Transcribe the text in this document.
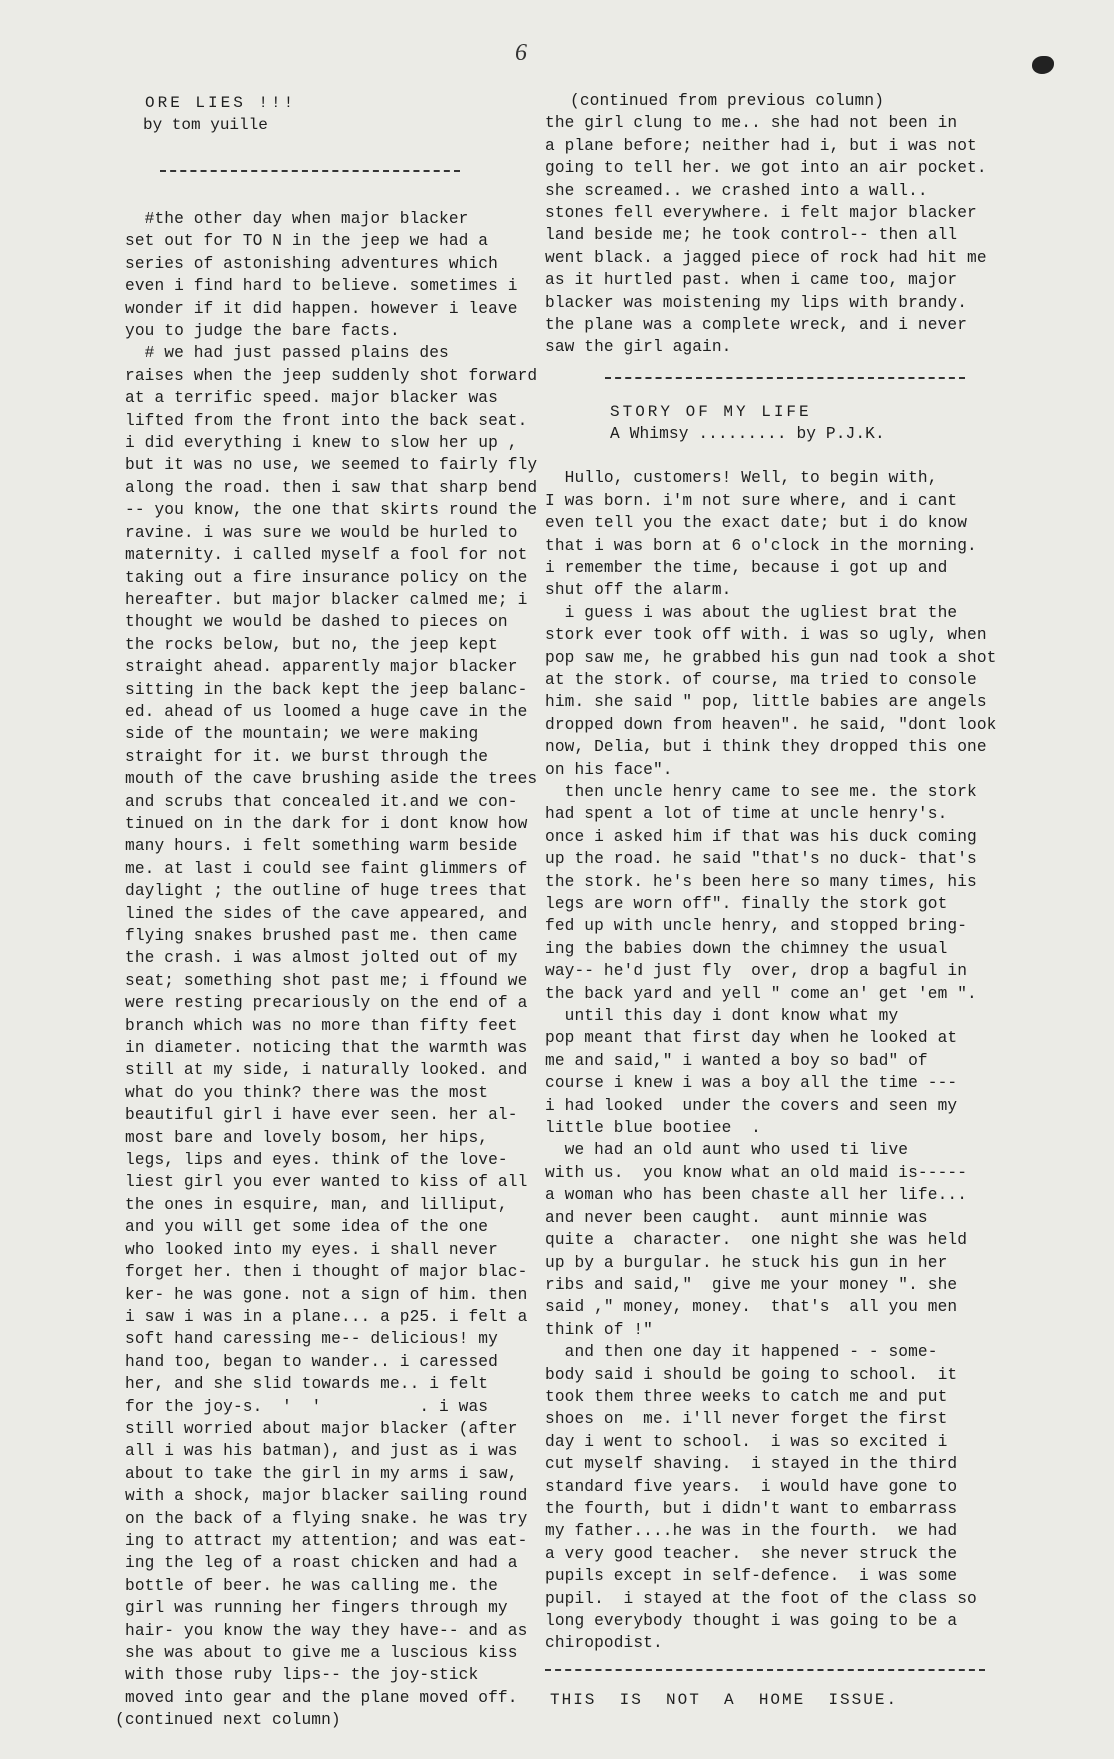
6
ORE LIES !!!
by tom yuille
#the other day when major blacker
set out for TO N in the jeep we had a
series of astonishing adventures which
even i find hard to believe. sometimes i
wonder if it did happen. however i leave
you to judge the bare facts.
# we had just passed plains des
raises when the jeep suddenly shot forward
at a terrific speed. major blacker was
lifted from the front into the back seat.
i did everything i knew to slow her up ,
but it was no use, we seemed to fairly fly
along the road. then i saw that sharp bend
-- you know, the one that skirts round the
ravine. i was sure we would be hurled to
maternity. i called myself a fool for not
taking out a fire insurance policy on the
hereafter. but major blacker calmed me; i
thought we would be dashed to pieces on
the rocks below, but no, the jeep kept
straight ahead. apparently major blacker
sitting in the back kept the jeep balanc-
ed. ahead of us loomed a huge cave in the
side of the mountain; we were making
straight for it. we burst through the
mouth of the cave brushing aside the trees
and scrubs that concealed it.and we con-
tinued on in the dark for i dont know how
many hours. i felt something warm beside
me. at last i could see faint glimmers of
daylight ; the outline of huge trees that
lined the sides of the cave appeared, and
flying snakes brushed past me. then came
the crash. i was almost jolted out of my
seat; something shot past me; i ffound we
were resting precariously on the end of a
branch which was no more than fifty feet
in diameter. noticing that the warmth was
still at my side, i naturally looked. and
what do you think? there was the most
beautiful girl i have ever seen. her al-
most bare and lovely bosom, her hips,
legs, lips and eyes. think of the love-
liest girl you ever wanted to kiss of all
the ones in esquire, man, and lilliput,
and you will get some idea of the one
who looked into my eyes. i shall never
forget her. then i thought of major blac-
ker- he was gone. not a sign of him. then
i saw i was in a plane... a p25. i felt a
soft hand caressing me-- delicious! my
hand too, began to wander.. i caressed
her, and she slid towards me.. i felt
for the joy-s.  '  '          . i was
still worried about major blacker (after
all i was his batman), and just as i was
about to take the girl in my arms i saw,
with a shock, major blacker sailing round
on the back of a flying snake. he was try
ing to attract my attention; and was eat-
ing the leg of a roast chicken and had a
bottle of beer. he was calling me. the
girl was running her fingers through my
hair- you know the way they have-- and as
she was about to give me a luscious kiss
with those ruby lips-- the joy-stick
moved into gear and the plane moved off.
(continued next column)
(continued from previous column)
the girl clung to me.. she had not been in
a plane before; neither had i, but i was not
going to tell her. we got into an air pocket.
she screamed.. we crashed into a wall..
stones fell everywhere. i felt major blacker
land beside me; he took control-- then all
went black. a jagged piece of rock had hit me
as it hurtled past. when i came too, major
blacker was moistening my lips with brandy.
the plane was a complete wreck, and i never
saw the girl again.
STORY OF MY LIFE
A Whimsy ......... by P.J.K.
Hullo, customers! Well, to begin with,
I was born. i'm not sure where, and i cant
even tell you the exact date; but i do know
that i was born at 6 o'clock in the morning.
i remember the time, because i got up and
shut off the alarm.
i guess i was about the ugliest brat the
stork ever took off with. i was so ugly, when
pop saw me, he grabbed his gun nad took a shot
at the stork. of course, ma tried to console
him. she said " pop, little babies are angels
dropped down from heaven". he said, "dont look
now, Delia, but i think they dropped this one
on his face".
then uncle henry came to see me. the stork
had spent a lot of time at uncle henry's.
once i asked him if that was his duck coming
up the road. he said "that's no duck- that's
the stork. he's been here so many times, his
legs are worn off". finally the stork got
fed up with uncle henry, and stopped bring-
ing the babies down the chimney the usual
way-- he'd just fly  over, drop a bagful in
the back yard and yell " come an' get 'em ".
until this day i dont know what my
pop meant that first day when he looked at
me and said," i wanted a boy so bad" of
course i knew i was a boy all the time ---
i had looked  under the covers and seen my
little blue bootiee  .
we had an old aunt who used ti live
with us.  you know what an old maid is-----
a woman who has been chaste all her life...
and never been caught.  aunt minnie was
quite a  character.  one night she was held
up by a burgular. he stuck his gun in her
ribs and said,"  give me your money ". she
said ," money, money.  that's  all you men
think of !"
and then one day it happened - - some-
body said i should be going to school.  it
took them three weeks to catch me and put
shoes on  me. i'll never forget the first
day i went to school.  i was so excited i
cut myself shaving.  i stayed in the third
standard five years.  i would have gone to
the fourth, but i didn't want to embarrass
my father....he was in the fourth.  we had
a very good teacher.  she never struck the
pupils except in self-defence.  i was some
pupil.  i stayed at the foot of the class so
long everybody thought i was going to be a
chiropodist.
THIS  IS  NOT  A  HOME  ISSUE.
